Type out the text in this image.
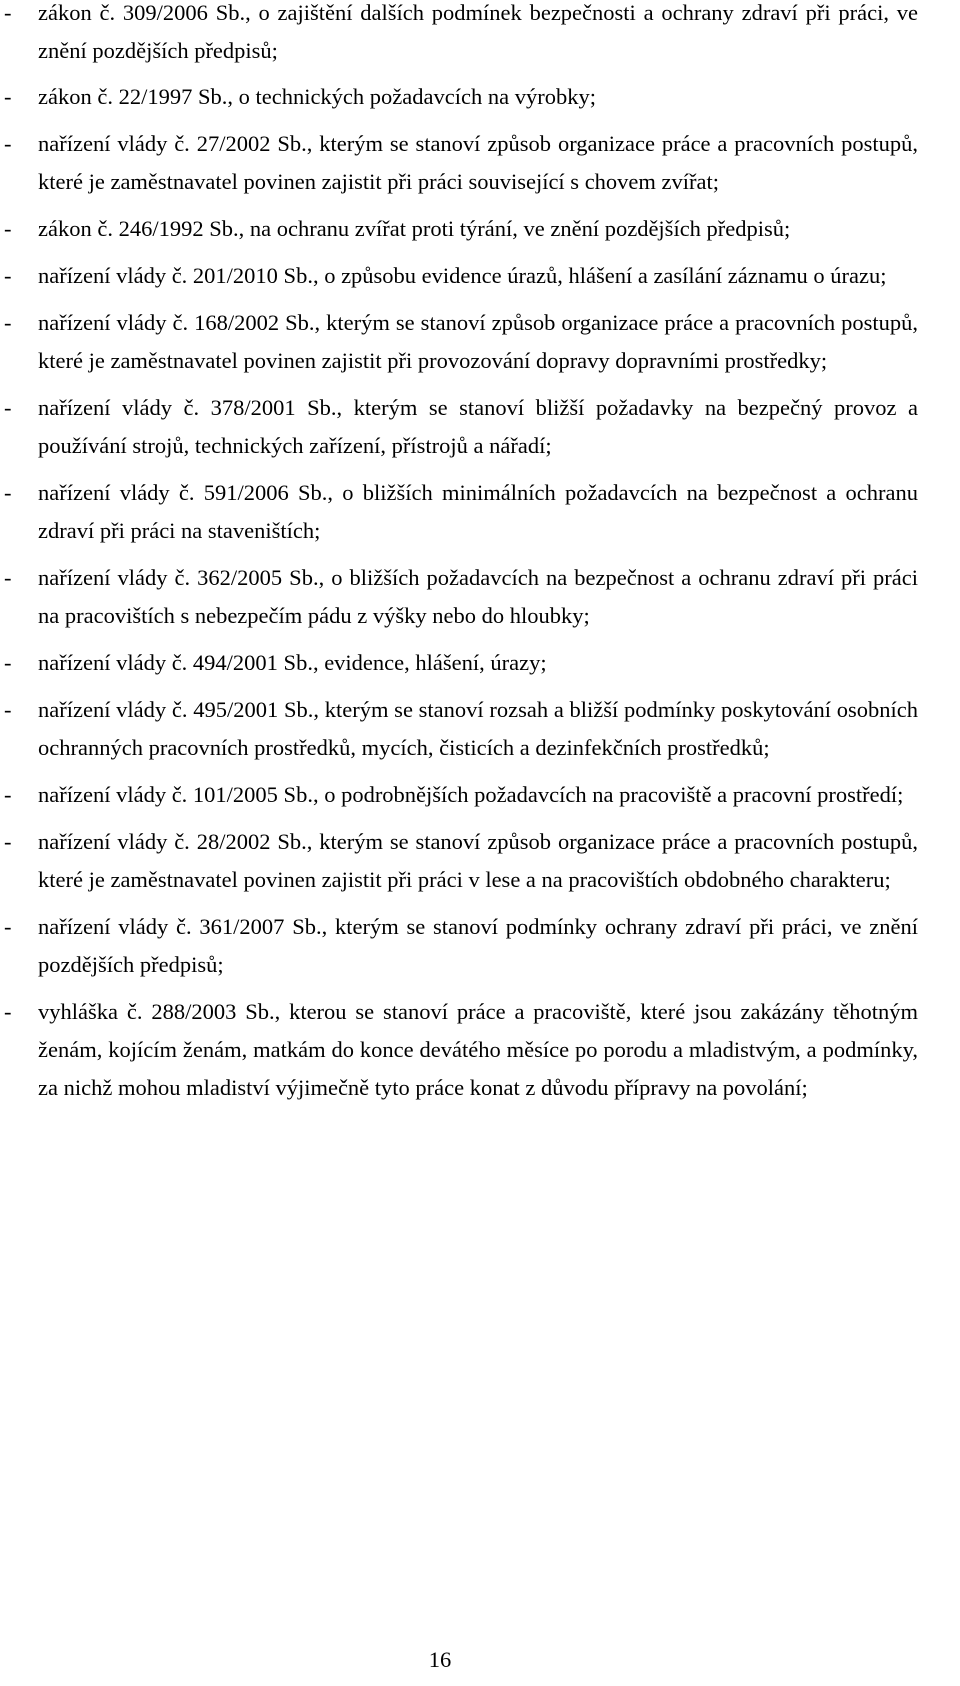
- zákon č. 309/2006 Sb., o zajištění dalších podmínek bezpečnosti a ochrany zdraví při práci, ve znění pozdějších předpisů;
- zákon č. 22/1997 Sb., o technických požadavcích na výrobky;
- nařízení vlády č. 27/2002 Sb., kterým se stanoví způsob organizace práce a pracovních postupů, které je zaměstnavatel povinen zajistit při práci související s chovem zvířat;
- zákon č. 246/1992 Sb., na ochranu zvířat proti týrání, ve znění pozdějších předpisů;
- nařízení vlády č. 201/2010 Sb., o způsobu evidence úrazů, hlášení a zasílání záznamu o úrazu;
- nařízení vlády č. 168/2002 Sb., kterým se stanoví způsob organizace práce a pracovních postupů, které je zaměstnavatel povinen zajistit při provozování dopravy dopravními prostředky;
- nařízení vlády č. 378/2001 Sb., kterým se stanoví bližší požadavky na bezpečný provoz a používání strojů, technických zařízení, přístrojů a nářadí;
- nařízení vlády č. 591/2006 Sb., o bližších minimálních požadavcích na bezpečnost a ochranu zdraví při práci na staveništích;
- nařízení vlády č. 362/2005 Sb., o bližších požadavcích na bezpečnost a ochranu zdraví při práci na pracovištích s nebezpečím pádu z výšky nebo do hloubky;
- nařízení vlády č. 494/2001 Sb., evidence, hlášení, úrazy;
- nařízení vlády č. 495/2001 Sb., kterým se stanoví rozsah a bližší podmínky poskytování osobních ochranných pracovních prostředků, mycích, čisticích a dezinfekčních prostředků;
- nařízení vlády č. 101/2005 Sb., o podrobnějších požadavcích na pracoviště a pracovní prostředí;
- nařízení vlády č. 28/2002 Sb., kterým se stanoví způsob organizace práce a pracovních postupů, které je zaměstnavatel povinen zajistit při práci v lese a na pracovištích obdobného charakteru;
- nařízení vlády č. 361/2007 Sb., kterým se stanoví podmínky ochrany zdraví při práci, ve znění pozdějších předpisů;
- vyhláška č. 288/2003 Sb., kterou se stanoví práce a pracoviště, které jsou zakázány těhotným ženám, kojícím ženám, matkám do konce devátého měsíce po porodu a mladistvým, a podmínky, za nichž mohou mladiství výjimečně tyto práce konat z důvodu přípravy na povolání;
16
